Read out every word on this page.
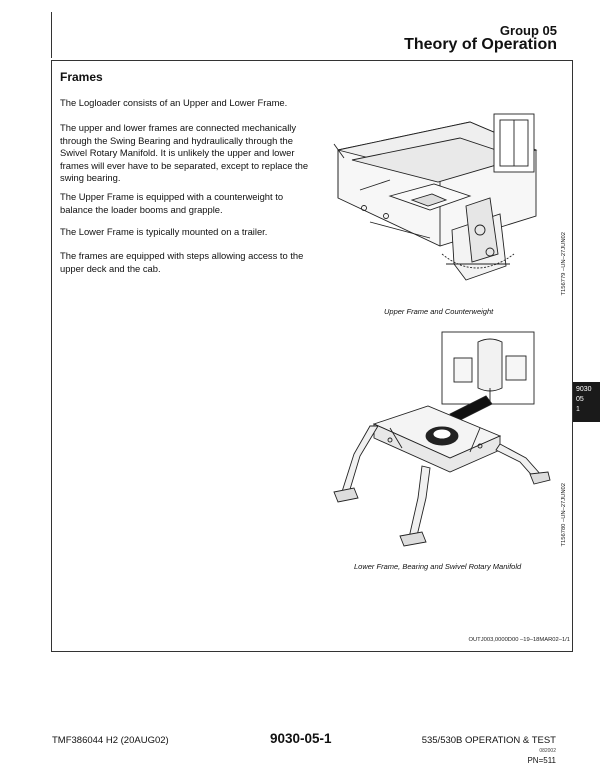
Group 05
Theory of Operation
Frames
The Logloader consists of an Upper and Lower Frame.
The upper and lower frames are connected mechanically through the Swing Bearing and hydraulically through the Swivel Rotary Manifold. It is unlikely the upper and lower frames will ever have to be separated, except to replace the swing bearing.
The Upper Frame is equipped with a counterweight to balance the loader booms and grapple.
The Lower Frame is typically mounted on a trailer.
The frames are equipped with steps allowing access to the upper deck and the cab.	T156779 –UN–27JUN02
Upper Frame and Counterweight
T156780 –UN–27JUN02
Lower Frame, Bearing and Swivel Rotary Manifold
OUTJ003,0000D00 –19–18MAR02–1/1
9030
05
1
TMF386044 H2 (20AUG02)	9030-05-1	535/530B OPERATION & TEST
082002
PN=511
